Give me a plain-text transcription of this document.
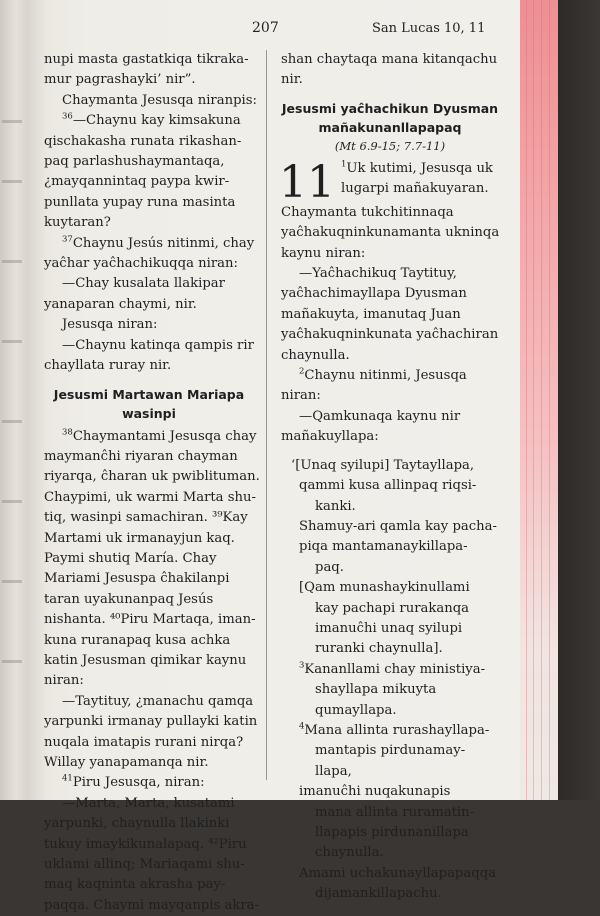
207	San Lucas 10, 11
nupi masta gastatkiqa tikraka-
mur pagrashayki’ nir”.
Chaymanta Jesusqa niranpis:
$^{36}$—Chaynu kay kimsakuna
qischakasha runata rikashan-
paq parlashushaymantaqa,
¿mayqannintaq paypa kwir-
punllata yupay runa masinta
kuytaran?
$^{37}$Chaynu Jesús nitinmi, chay
yaĉhar yaĉhachikuqqa niran:
—Chay kusalata llakipar
yanaparan chaymi, nir.
Jesusqa niran:
—Chaynu katinqa qampis rir
chayllata ruray nir.
Jesusmi Martawan Mariapa
wasinpi
$^{38}$Chaymantami Jesusqa chay
maymanĉhi riyaran chayman
riyarqa, ĉharan uk pwiblituman.
Chaypimi, uk warmi Marta shu-
tiq, wasinpi samachiran. ³⁹Kay
Martami uk irmanayjun kaq.
Paymi shutiq María. Chay
Mariami Jesuspa ĉhakilanpi
taran uyakunanpaq Jesús
nishanta. ⁴⁰Piru Martaqa, iman-
kuna ruranapaq kusa achka
katin Jesusman qimikar kaynu
niran:
—Taytituy, ¿manachu qamqa
yarpunki irmanay pullayki katin
nuqala imatapis rurani nirqa?
Willay yanapamanqa nir.
$^{41}$Piru Jesusqa, niran:
—Marta, Marta, kusatami
yarpunki, chaynulla llakinki
tukuy imaykikunalapaq. ⁴²Piru
uklami allinq; Mariaqami shu-
maq kaqninta akrasha pay-
paqqa. Chaymi mayqanpis akra-
shan chaytaqa mana kitanqachu
nir.
Jesusmi yaĉhachikun Dyusman
mañakunanllapapaq
(Mt 6.9-15; 7.7-11)
11 $^1$Uk kutimi, Jesusqa uk
lugarpi mañakuyaran.
Chaymanta tukchitinnaqa
yaĉhakuqninkunamanta ukninqa
kaynu niran:
—Yaĉhachikuq Taytituy,
yaĉhachimayllapa Dyusman
mañakuyta, imanutaq Juan
yaĉhakuqninkunata yaĉhachiran
chaynulla.
$^2$Chaynu nitinmi, Jesusqa
niran:
—Qamkunaqa kaynu nir
mañakuyllapa:
‘[Unaq syilupi] Taytayllapa,
qammi kusa allinpaq riqsi-
kanki.
Shamuy-ari qamla kay pacha-
piqa mantamanaykillapa-
paq.
[Qam munashaykinullami
kay pachapi rurakanqa
imanuĉhi unaq syilupi
ruranki chaynulla].
$^3$Kananllami chay ministiya-
shayllapa mikuyta
qumayllapa.
$^4$Mana allinta rurashayllapa-
mantapis pirdunamay-
llapa,
imanuĉhi nuqakunapis
mana allinta ruramatin-
llapapis pirdunanillapa
chaynulla.
Amami uchakunayllapapaqqa
dijamankillapachu.
